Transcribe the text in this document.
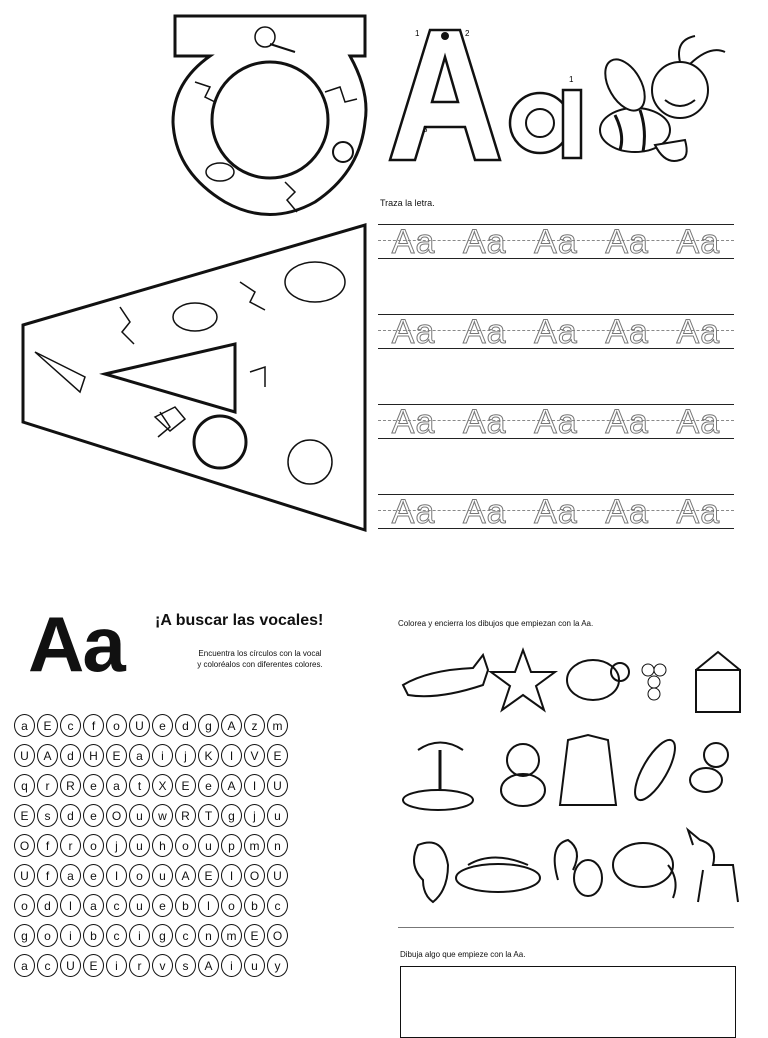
1	2
3
1
Traza la letra.
Aa Aa Aa Aa Aa
Aa Aa Aa Aa Aa
Aa Aa Aa Aa Aa
Aa Aa Aa Aa Aa
Aa ¡A buscar las vocales!
Encuentra los círculos con la vocal
y coloréalos con diferentes colores.
a	E	c	f	o	U	e	d	g	A	z	m
U	A	d	H	E	a	i	j	K	I	V	E
q	r	R	e	a	t	X	E	e	A	I	U
E	s	d	e	O	u	w	R	T	g	j	u
O	f	r	o	j	u	h	o	u	p	m	n
U	f	a	e	I	o	u	A	E	I	O	U
o	d	l	a	c	u	e	b	l	o	b	c
g	o	i	b	c	i	g	c	n	m	E	O
a	c	U	E	i	r	v	s	A	i	u	y
Colorea y encierra los dibujos que empiezan con la Aa.
Dibuja algo que empieze con la Aa.
